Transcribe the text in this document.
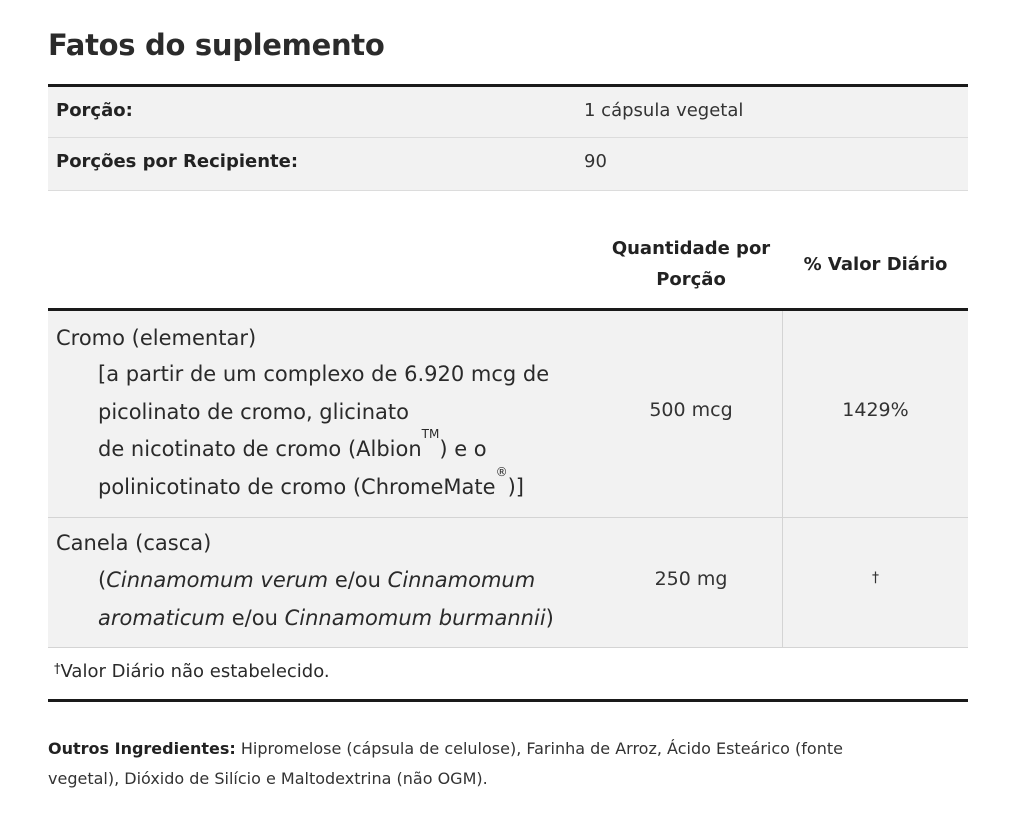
Fatos do suplemento
Porção:	1 cápsula vegetal
Porções por Recipiente:	90
Quantidade por
Porção
% Valor Diário
Cromo (elementar)
[a partir de um complexo de 6.920 mcg de
picolinato de cromo, glicinato
de nicotinato de cromo (Albion™) e o
polinicotinato de cromo (ChromeMate®)]
500 mcg	1429%
Canela (casca)
(Cinnamomum verum e/ou Cinnamomum
aromaticum e/ou Cinnamomum burmannii)
250 mg	†
†Valor Diário não estabelecido.
Outros Ingredientes: Hipromelose (cápsula de celulose), Farinha de Arroz, Ácido Esteárico (fonte
vegetal), Dióxido de Silício e Maltodextrina (não OGM).
